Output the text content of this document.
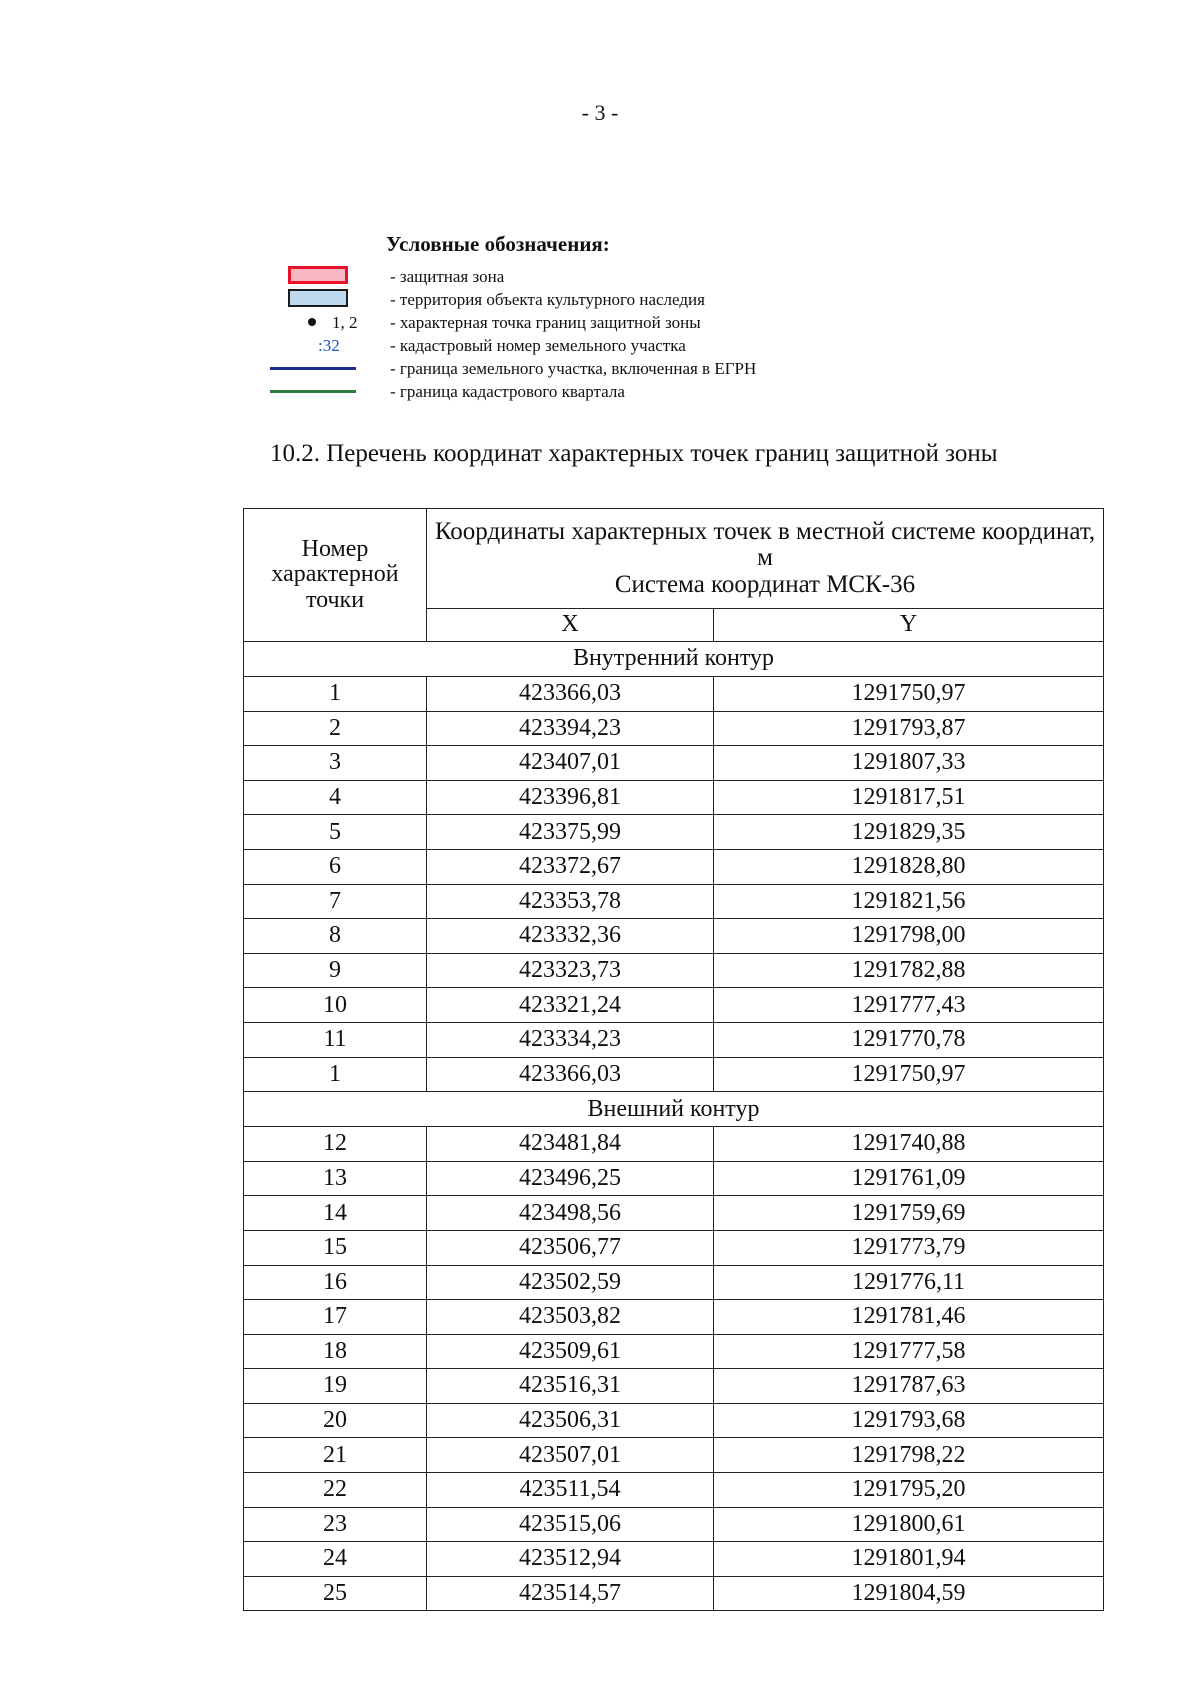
- 3 -
Условные обозначения:
- защитная зона
- территория объекта культурного наследия
1, 2 - характерная точка границ защитной зоны
:32	- кадастровый номер земельного участка
- граница земельного участка, включенная в ЕГРН
- граница кадастрового квартала
10.2. Перечень координат характерных точек границ защитной зоны
Номер характерной точки	Координаты характерных точек в местной системе координат, м
Система координат МСК-36	

	X	Y
Внутренний контур		
1	423366,03	1291750,97
2	423394,23	1291793,87
3	423407,01	1291807,33
4	423396,81	1291817,51
5	423375,99	1291829,35
6	423372,67	1291828,80
7	423353,78	1291821,56
8	423332,36	1291798,00
9	423323,73	1291782,88
10	423321,24	1291777,43
11	423334,23	1291770,78
1	423366,03	1291750,97
Внешний контур		
12	423481,84	1291740,88
13	423496,25	1291761,09
14	423498,56	1291759,69
15	423506,77	1291773,79
16	423502,59	1291776,11
17	423503,82	1291781,46
18	423509,61	1291777,58
19	423516,31	1291787,63
20	423506,31	1291793,68
21	423507,01	1291798,22
22	423511,54	1291795,20
23	423515,06	1291800,61
24	423512,94	1291801,94
25	423514,57	1291804,59
